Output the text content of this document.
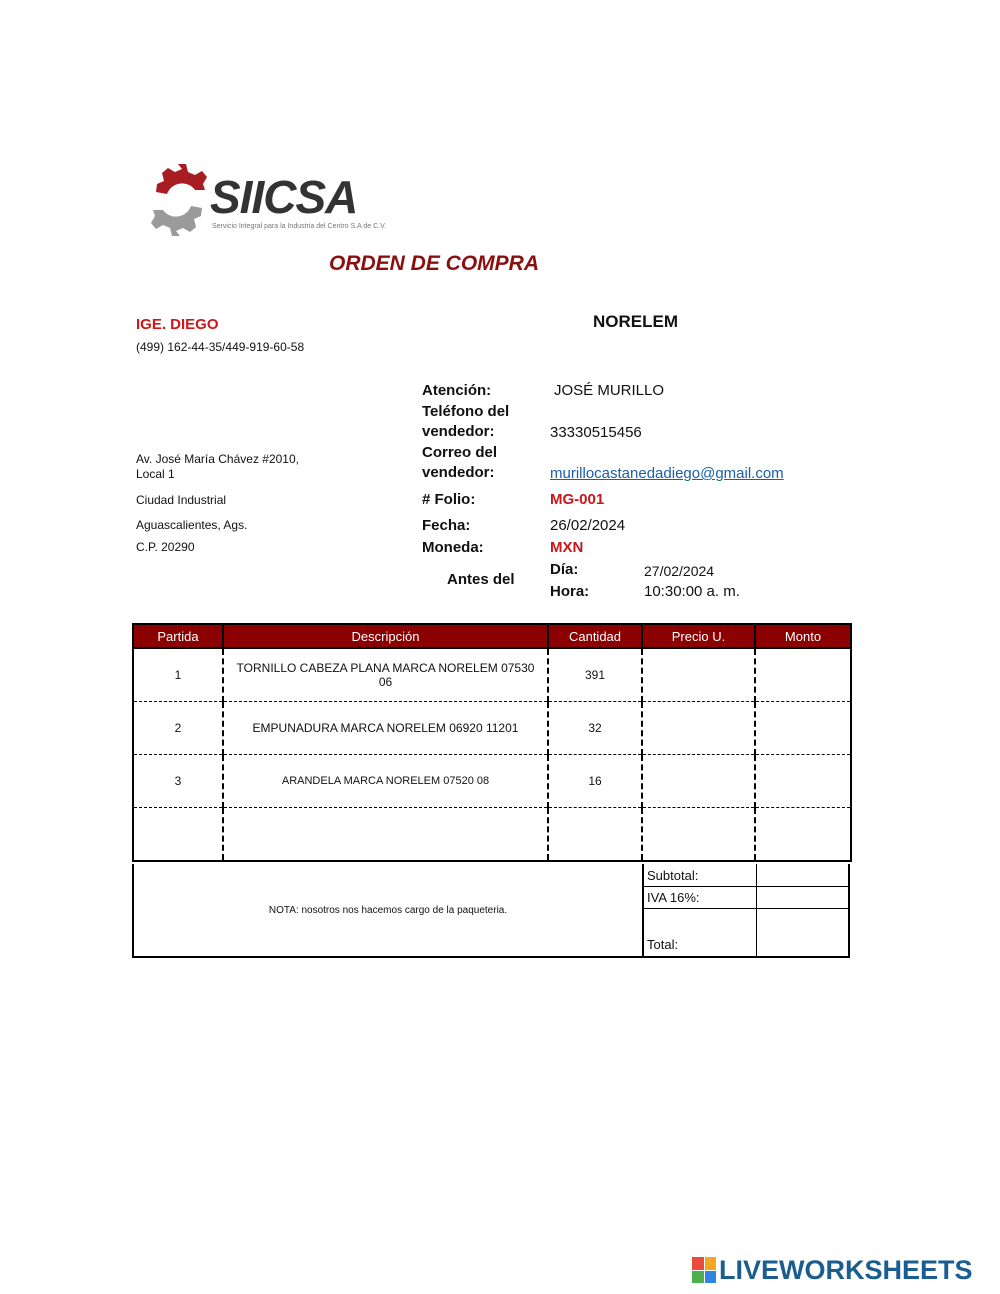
SIICSA
Servicio Integral para la Industria del Centro S.A de C.V.
ORDEN DE COMPRA
IGE. DIEGO
(499) 162-44-35/449-919-60-58
NORELEM
Av. José María Chávez #2010,
Local 1
Ciudad Industrial
Aguascalientes, Ags.
C.P. 20290
Atención:	JOSÉ MURILLO
Teléfono del
vendedor:	33330515456
Correo del
vendedor:	murillocastanedadiego@gmail.com
# Folio:	MG-001
Fecha:	26/02/2024
Moneda:	MXN
Antes del
Día:	27/02/2024
Hora:	10:30:00 a. m.
Partida	Descripción	Cantidad	Precio U.	Monto
1	TORNILLO CABEZA PLANA MARCA NORELEM 07530 06	391		
2	EMPUNADURA MARCA NORELEM 06920 11201	32		
3	ARANDELA MARCA NORELEM 07520 08	16		

NOTA: nosotros nos hacemos cargo de la paqueteria.
Subtotal:
IVA 16%:
Total:
LIVEWORKSHEETS
